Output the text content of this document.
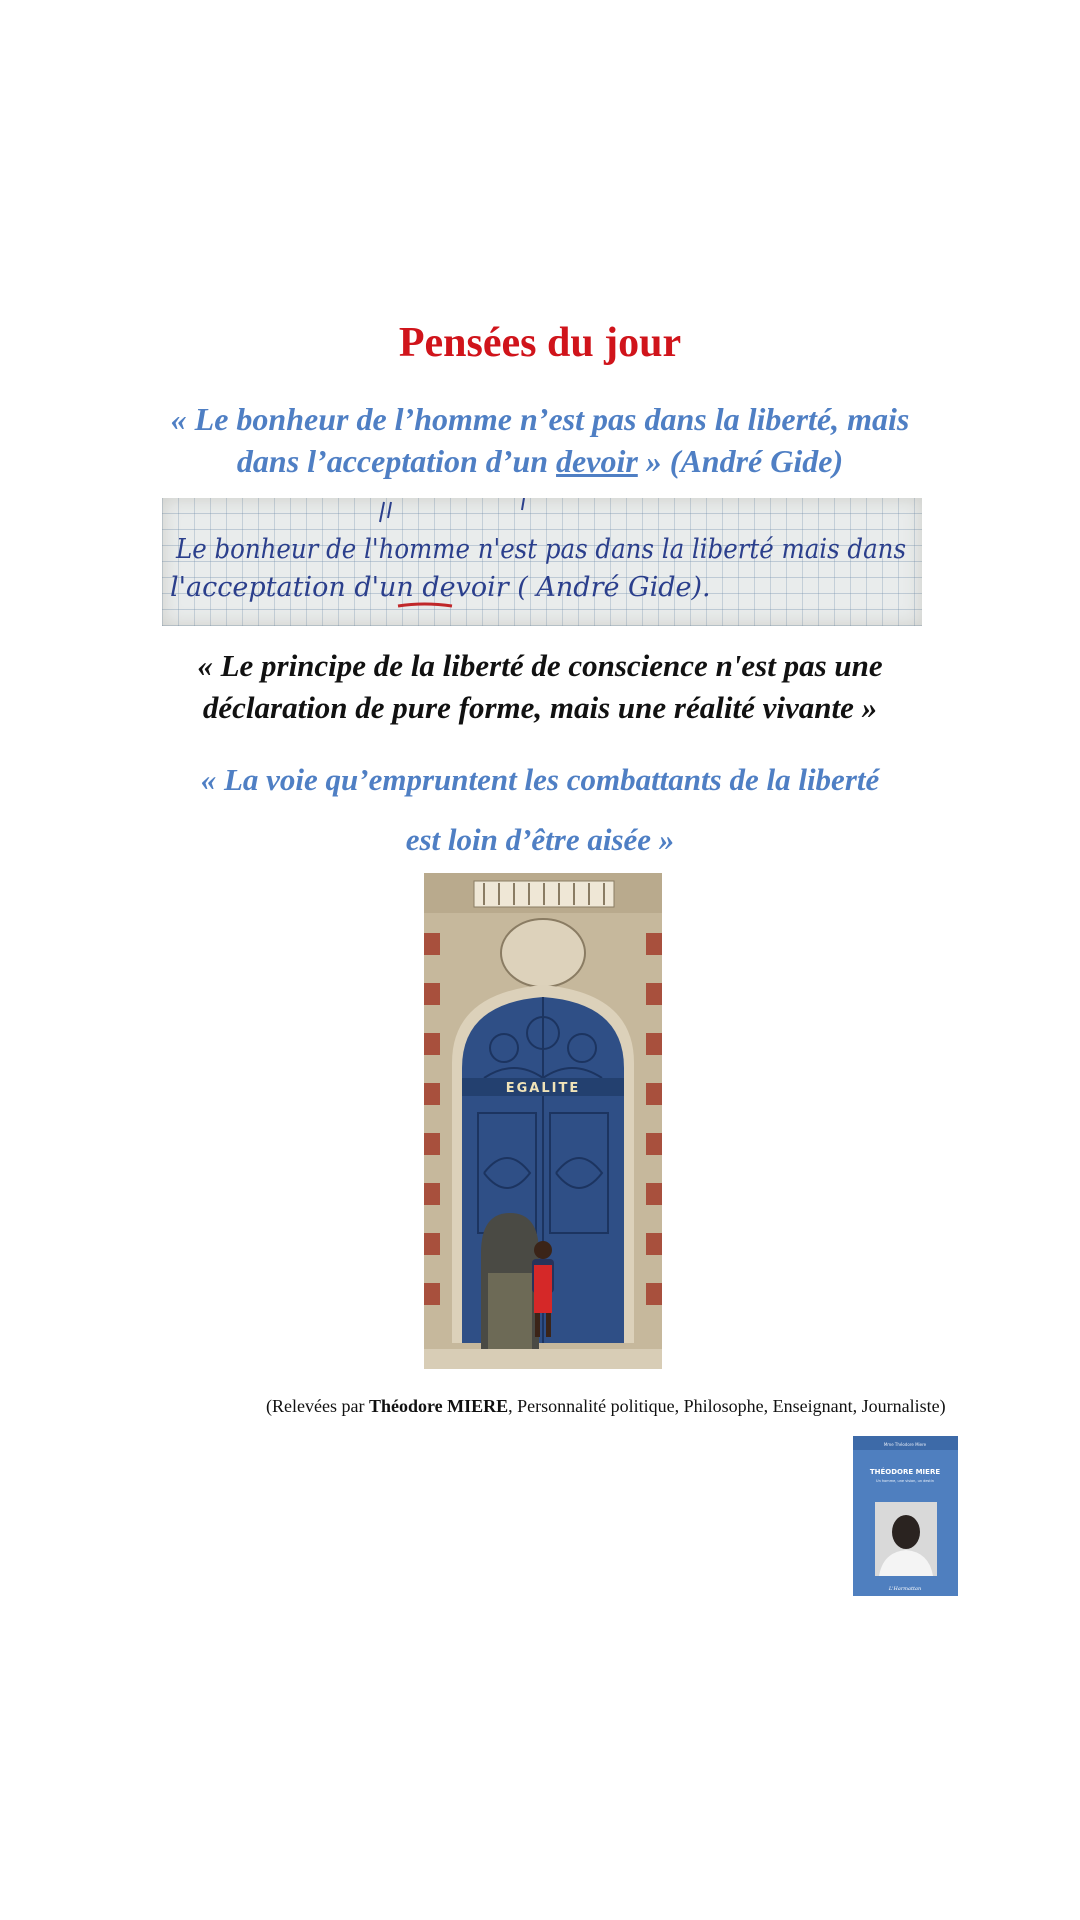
Pensées du jour
« Le bonheur de l’homme n’est pas dans la liberté, mais dans l’acceptation d’un devoir » (André Gide)
Le bonheur de l'homme n'est pas dans la liberté mais dans
l'acceptation d'un devoir ( André Gide).
« Le principe de la liberté de conscience n'est pas une déclaration de pure forme, mais une réalité vivante »
« La voie qu’empruntent les combattants de la liberté
est loin d’être aisée »
EGALITE
(Relevées par Théodore MIERE, Personnalité politique, Philosophe, Enseignant, Journaliste)
Mme Théodore Miere
THÉODORE MIERE
Un homme, une vision, un destin
L'Harmattan
